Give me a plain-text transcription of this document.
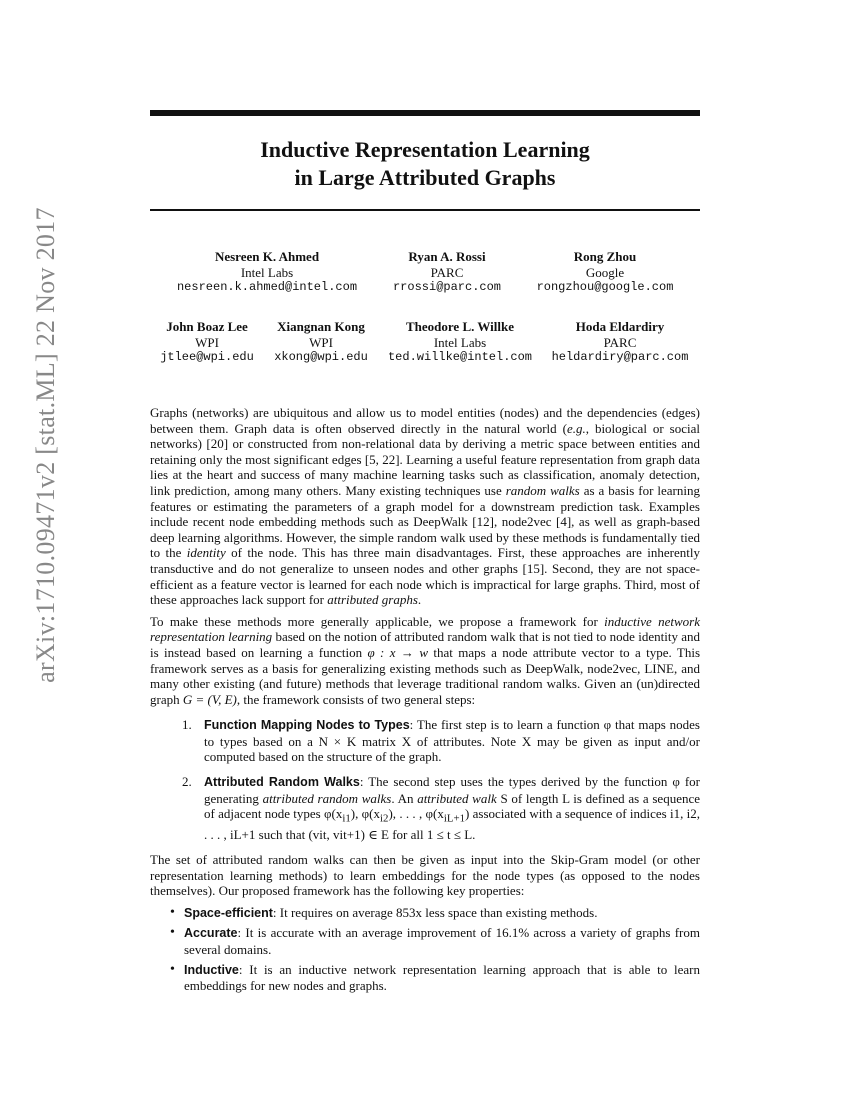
arXiv:1710.09471v2 [stat.ML] 22 Nov 2017
Inductive Representation Learning
in Large Attributed Graphs
Nesreen K. Ahmed
Intel Labs
nesreen.k.ahmed@intel.com
Ryan A. Rossi
PARC
rrossi@parc.com
Rong Zhou
Google
rongzhou@google.com
John Boaz Lee
WPI
jtlee@wpi.edu
Xiangnan Kong
WPI
xkong@wpi.edu
Theodore L. Willke
Intel Labs
ted.willke@intel.com
Hoda Eldardiry
PARC
heldardiry@parc.com

Graphs (networks) are ubiquitous and allow us to model entities (nodes) and the dependencies (edges) between them. Graph data is often observed directly in the natural world (e.g., biological or social networks) [20] or constructed from non-relational data by deriving a metric space between entities and retaining only the most significant edges [5, 22]. Learning a useful feature representation from graph data lies at the heart and success of many machine learning tasks such as classification, anomaly detection, link prediction, among many others. Many existing techniques use random walks as a basis for learning features or estimating the parameters of a graph model for a downstream prediction task. Examples include recent node embedding methods such as DeepWalk [12], node2vec [4], as well as graph-based deep learning algorithms. However, the simple random walk used by these methods is fundamentally tied to the identity of the node. This has three main disadvantages. First, these approaches are inherently transductive and do not generalize to unseen nodes and other graphs [15]. Second, they are not space-efficient as a feature vector is learned for each node which is impractical for large graphs. Third, most of these approaches lack support for attributed graphs.

To make these methods more generally applicable, we propose a framework for inductive network representation learning based on the notion of attributed random walk that is not tied to node identity and is instead based on learning a function φ : x → w that maps a node attribute vector to a type. This framework serves as a basis for generalizing existing methods such as DeepWalk, node2vec, LINE, and many other existing (and future) methods that leverage traditional random walks. Given an (un)directed graph G = (V, E), the framework consists of two general steps:

1. Function Mapping Nodes to Types: The first step is to learn a function φ that maps nodes to types based on a N × K matrix X of attributes. Note X may be given as input and/or computed based on the structure of the graph.
2. Attributed Random Walks: The second step uses the types derived by the function φ for generating attributed random walks. An attributed walk S of length L is defined as a sequence of adjacent node types $\varphi(x_{i1})$, $\varphi(x_{i2})$, . . . , $\varphi(x_{iL+1})$ associated with a sequence of indices i1, i2, . . . , iL+1 such that (vit, vit+1) ∈ E for all 1 ≤ t ≤ L.

The set of attributed random walks can then be given as input into the Skip-Gram model (or other representation learning methods) to learn embeddings for the node types (as opposed to the nodes themselves). Our proposed framework has the following key properties:

• Space-efficient: It requires on average 853x less space than existing methods.
• Accurate: It is accurate with an average improvement of 16.1% across a variety of graphs from several domains.
• Inductive: It is an inductive network representation learning approach that is able to learn embeddings for new nodes and graphs.
